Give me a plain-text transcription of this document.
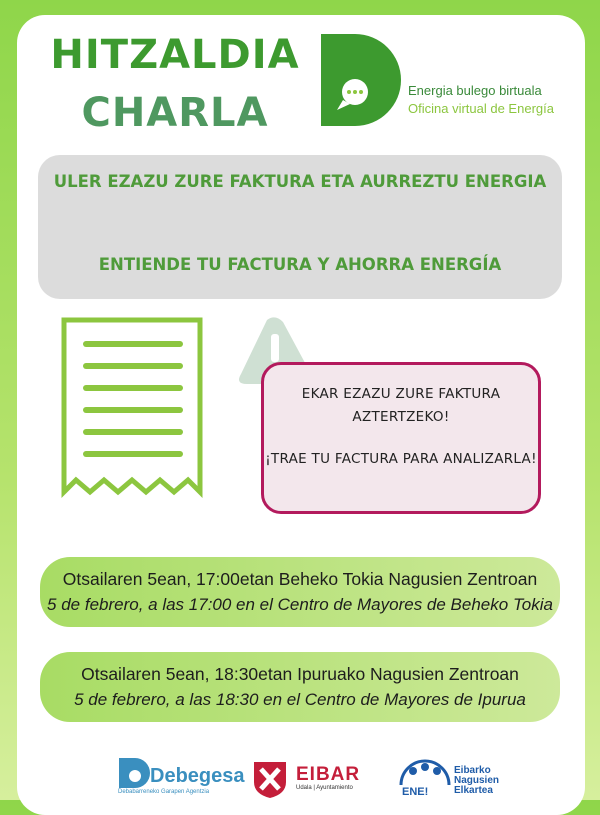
HITZALDIA
CHARLA	Energia bulego birtuala
Oficina virtual de Energía
ULER EZAZU ZURE FAKTURA ETA AURREZTU ENERGIA
ENTIENDE TU FACTURA Y AHORRA ENERGÍA
EKAR EZAZU ZURE FAKTURA AZTERTZEKO!
¡TRAE TU FACTURA PARA ANALIZARLA!
Otsailaren 5ean, 17:00etan Beheko Tokia Nagusien Zentroan
5 de febrero, a las 17:00 en el Centro de Mayores de Beheko Tokia
Otsailaren 5ean, 18:30etan Ipuruako Nagusien Zentroan
5 de febrero, a las 18:30 en el Centro de Mayores de Ipurua
Debegesa
Debabarreneko Garapen Agentzia
EIBAR
Udala | Ayuntamiento	ENE!
Eibarko
Nagusien
Elkartea
